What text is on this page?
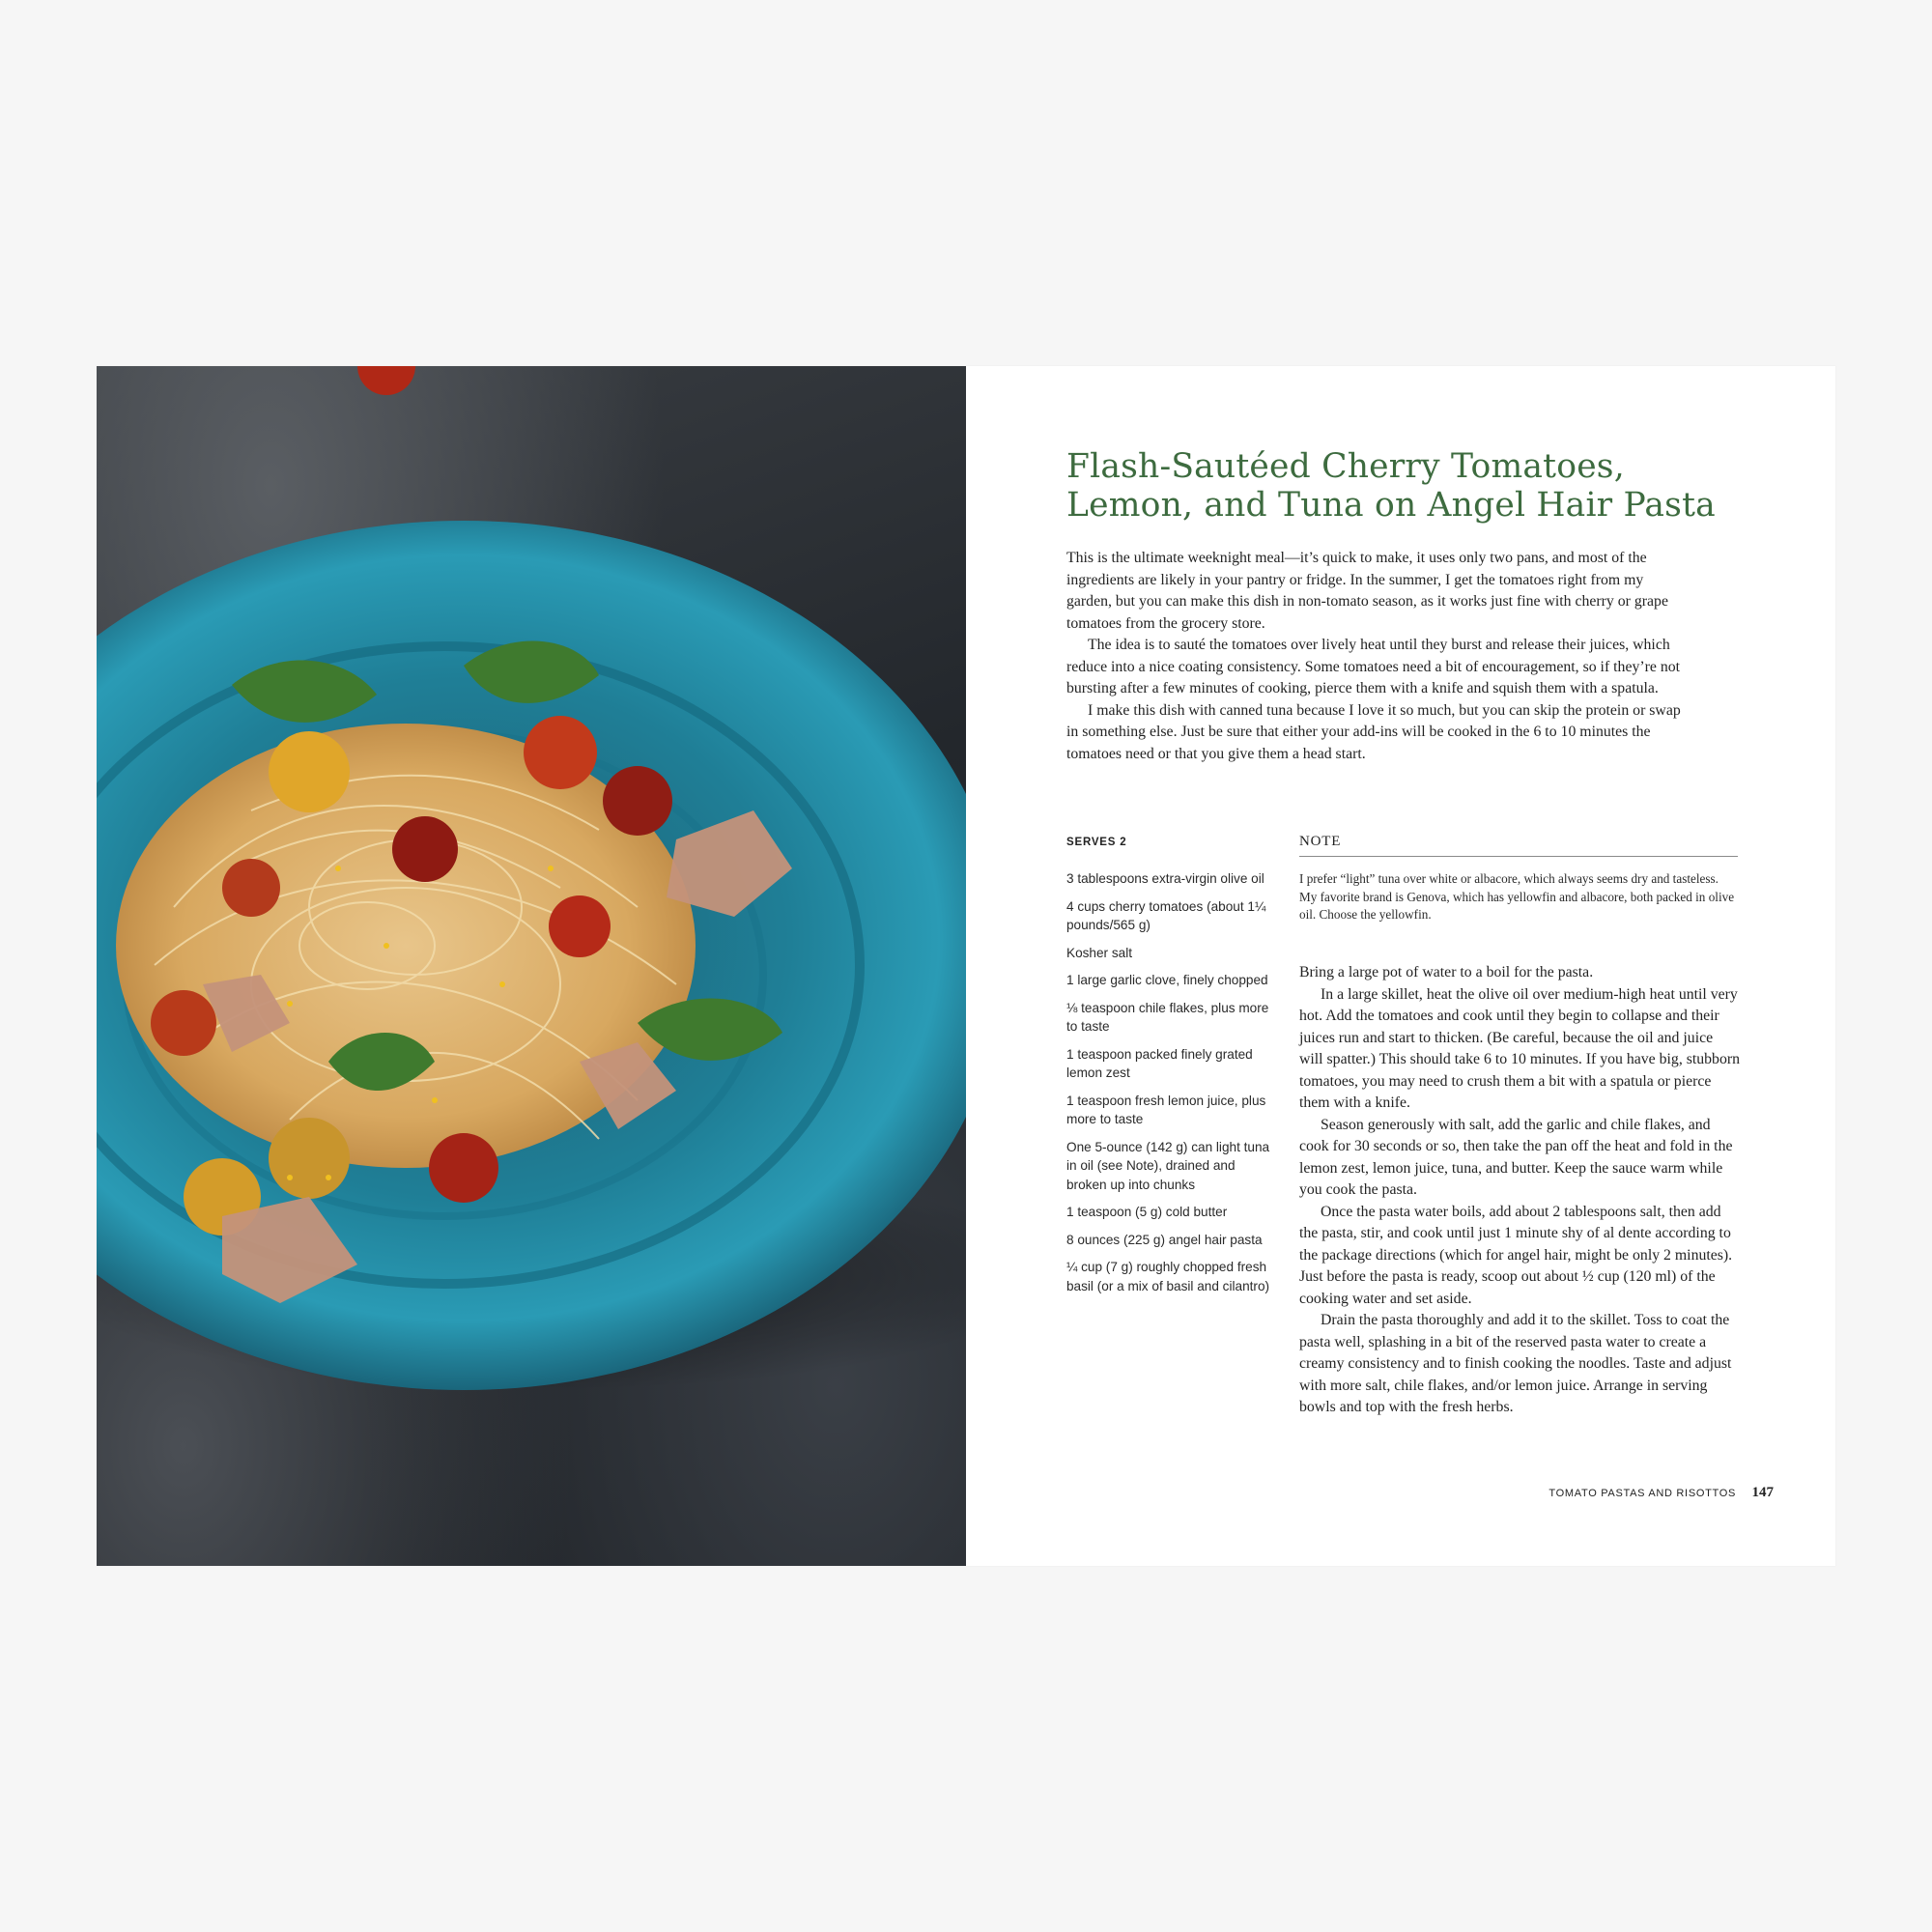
Flash-Sautéed Cherry Tomatoes, Lemon, and Tuna on Angel Hair Pasta

This is the ultimate weeknight meal—it’s quick to make, it uses only two pans, and most of the ingredients are likely in your pantry or fridge. In the summer, I get the tomatoes right from my garden, but you can make this dish in non-tomato season, as it works just fine with cherry or grape tomatoes from the grocery store.

The idea is to sauté the tomatoes over lively heat until they burst and release their juices, which reduce into a nice coating consistency. Some tomatoes need a bit of encouragement, so if they’re not bursting after a few minutes of cooking, pierce them with a knife and squish them with a spatula.

I make this dish with canned tuna because I love it so much, but you can skip the protein or swap in something else. Just be sure that either your add-ins will be cooked in the 6 to 10 minutes the tomatoes need or that you give them a head start.

SERVES 2
3 tablespoons extra-virgin olive oil
4 cups cherry tomatoes (about 1¼ pounds/565 g)
Kosher salt
1 large garlic clove, finely chopped
⅛ teaspoon chile flakes, plus more to taste
1 teaspoon packed finely grated lemon zest
1 teaspoon fresh lemon juice, plus more to taste
One 5-ounce (142 g) can light tuna in oil (see Note), drained and broken up into chunks
1 teaspoon (5 g) cold butter
8 ounces (225 g) angel hair pasta
¼ cup (7 g) roughly chopped fresh basil (or a mix of basil and cilantro)
NOTE
I prefer “light” tuna over white or albacore, which always seems dry and tasteless. My favorite brand is Genova, which has yellowfin and albacore, both packed in olive oil. Choose the yellowfin.

Bring a large pot of water to a boil for the pasta.

In a large skillet, heat the olive oil over medium-high heat until very hot. Add the tomatoes and cook until they begin to collapse and their juices run and start to thicken. (Be careful, because the oil and juice will spatter.) This should take 6 to 10 minutes. If you have big, stubborn tomatoes, you may need to crush them a bit with a spatula or pierce them with a knife.

Season generously with salt, add the garlic and chile flakes, and cook for 30 seconds or so, then take the pan off the heat and fold in the lemon zest, lemon juice, tuna, and butter. Keep the sauce warm while you cook the pasta.

Once the pasta water boils, add about 2 tablespoons salt, then add the pasta, stir, and cook until just 1 minute shy of al dente according to the package directions (which for angel hair, might be only 2 minutes). Just before the pasta is ready, scoop out about ½ cup (120 ml) of the cooking water and set aside.

Drain the pasta thoroughly and add it to the skillet. Toss to coat the pasta well, splashing in a bit of the reserved pasta water to create a creamy consistency and to finish cooking the noodles. Taste and adjust with more salt, chile flakes, and/or lemon juice. Arrange in serving bowls and top with the fresh herbs.

TOMATO PASTAS AND RISOTTOS 147
